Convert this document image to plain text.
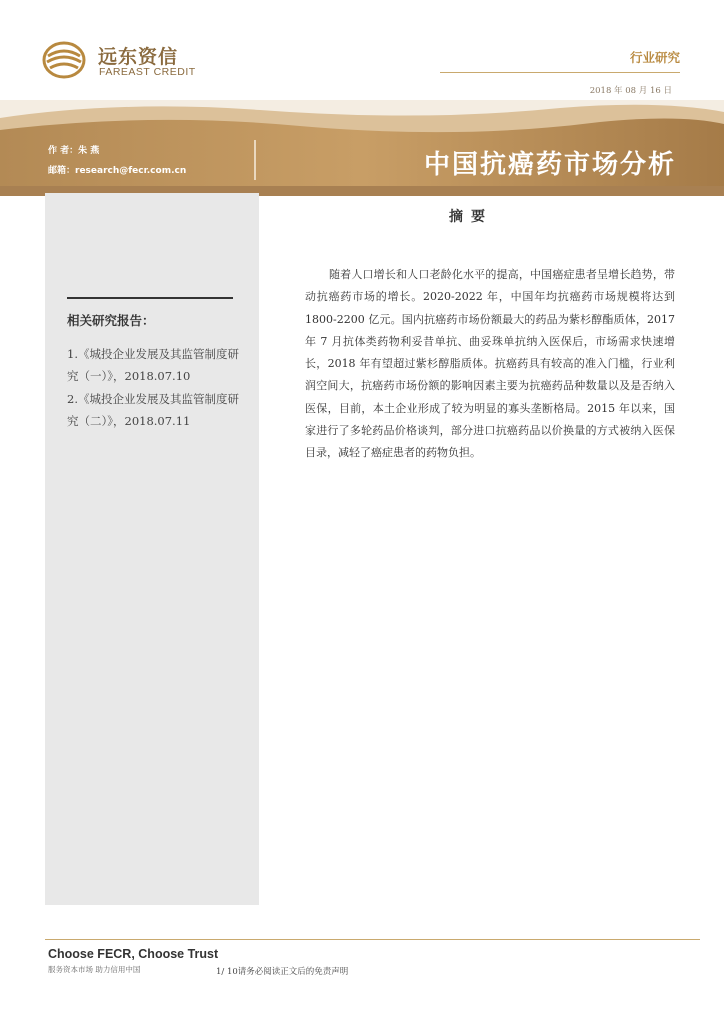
远东资信
FAREAST CREDIT
行业研究
2018 年 08 月 16 日
作 者：朱 燕
邮箱：research@fecr.com.cn	中国抗癌药市场分析
相关研究报告：
1.《城投企业发展及其监管制度研究（一）》，2018.07.10
2.《城投企业发展及其监管制度研究（二）》，2018.07.11
摘要

随着人口增长和人口老龄化水平的提高，中国癌症患者呈增长趋势，带动抗癌药市场的增长。2020-2022 年，中国年均抗癌药市场规模将达到 1800-2200 亿元。国内抗癌药市场份额最大的药品为紫杉醇酯质体，2017 年 7 月抗体类药物利妥昔单抗、曲妥珠单抗纳入医保后，市场需求快速增长，2018 年有望超过紫杉醇脂质体。抗癌药具有较高的准入门槛，行业利润空间大，抗癌药市场份额的影响因素主要为抗癌药品种数量以及是否纳入医保，目前，本土企业形成了较为明显的寡头垄断格局。2015 年以来，国家进行了多轮药品价格谈判，部分进口抗癌药品以价换量的方式被纳入医保目录，减轻了癌症患者的药物负担。

Choose FECR, Choose Trust
服务资本市场 助力信用中国	1/ 10请务必阅读正文后的免责声明
